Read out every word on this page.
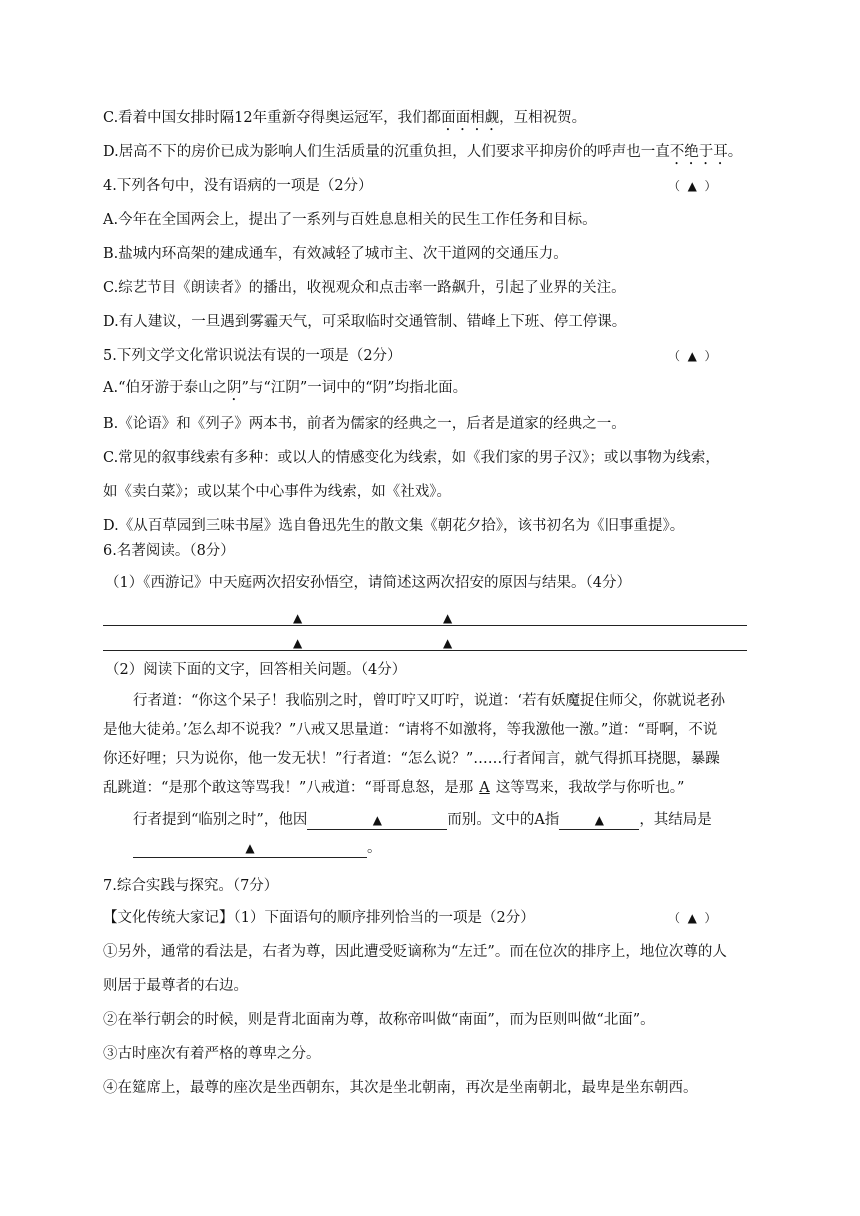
C.看着中国女排时隔12年重新夺得奥运冠军，我们都面面相觑，互相祝贺。
D.居高不下的房价已成为影响人们生活质量的沉重负担，人们要求平抑房价的呼声也一直不绝于耳。
4.下列各句中，没有语病的一项是（2分）	（ ▲ ）
A.今年在全国两会上，提出了一系列与百姓息息相关的民生工作任务和目标。
B.盐城内环高架的建成通车，有效减轻了城市主、次干道网的交通压力。
C.综艺节目《朗读者》的播出，收视观众和点击率一路飙升，引起了业界的关注。
D.有人建议，一旦遇到雾霾天气，可采取临时交通管制、错峰上下班、停工停课。
5.下列文学文化常识说法有误的一项是（2分）	（ ▲ ）
A.“伯牙游于泰山之阴”与“江阴”一词中的“阴”均指北面。
B.《论语》和《列子》两本书，前者为儒家的经典之一，后者是道家的经典之一。
C.常见的叙事线索有多种：或以人的情感变化为线索，如《我们家的男子汉》；或以事物为线索，
如《卖白菜》；或以某个中心事件为线索，如《社戏》。
D.《从百草园到三味书屋》选自鲁迅先生的散文集《朝花夕拾》，该书初名为《旧事重提》。
6.名著阅读。（8分）
（1）《西游记》中天庭两次招安孙悟空，请简述这两次招安的原因与结果。（4分）
▲	▲
▲	▲
（2）阅读下面的文字，回答相关问题。（4分）
行者道：“你这个呆子！我临别之时，曾叮咛又叮咛，说道：‘若有妖魔捉住师父，你就说老孙
是他大徒弟。’怎么却不说我？”八戒又思量道：“请将不如激将，等我激他一激。”道：“哥啊，不说
你还好哩；只为说你，他一发无状！”行者道：“怎么说？”……行者闻言，就气得抓耳挠腮，暴躁
乱跳道：“是那个敢这等骂我！”八戒道：“哥哥息怒，是那 A 这等骂来，我故学与你听也。”
行者提到“临别之时”，他因	▲	而别。文中的A指	▲ ，其结局是
▲	。
7.综合实践与探究。（7分）
【文化传统大家记】（1）下面语句的顺序排列恰当的一项是（2分）	（ ▲ ）
①另外，通常的看法是，右者为尊，因此遭受贬谪称为“左迁”。而在位次的排序上，地位次尊的人
则居于最尊者的右边。
②在举行朝会的时候，则是背北面南为尊，故称帝叫做“南面”，而为臣则叫做“北面”。
③古时座次有着严格的尊卑之分。
④在筵席上，最尊的座次是坐西朝东，其次是坐北朝南，再次是坐南朝北，最卑是坐东朝西。
